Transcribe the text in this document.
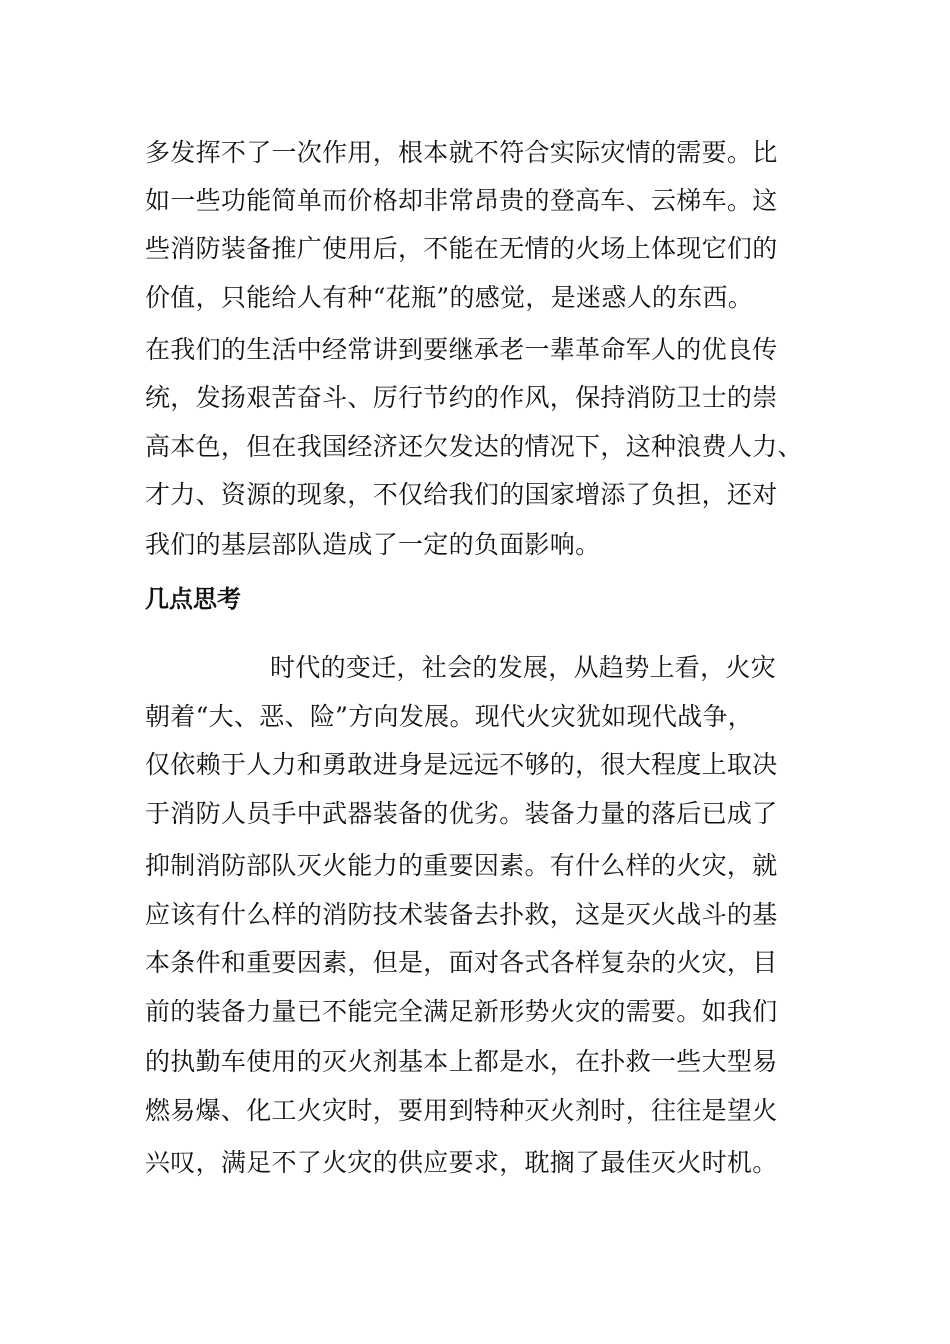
多发挥不了一次作用，根本就不符合实际灾情的需要。比
如一些功能简单而价格却非常昂贵的登高车、云梯车。这
些消防装备推广使用后，不能在无情的火场上体现它们的
价值，只能给人有种“花瓶”的感觉，是迷惑人的东西。
在我们的生活中经常讲到要继承老一辈革命军人的优良传
统，发扬艰苦奋斗、厉行节约的作风，保持消防卫士的崇
高本色，但在我国经济还欠发达的情况下，这种浪费人力、
才力、资源的现象，不仅给我们的国家增添了负担，还对
我们的基层部队造成了一定的负面影响。
几点思考
时代的变迁，社会的发展，从趋势上看，火灾
朝着“大、恶、险”方向发展。现代火灾犹如现代战争，
仅依赖于人力和勇敢进身是远远不够的，很大程度上取决
于消防人员手中武器装备的优劣。装备力量的落后已成了
抑制消防部队灭火能力的重要因素。有什么样的火灾，就
应该有什么样的消防技术装备去扑救，这是灭火战斗的基
本条件和重要因素，但是，面对各式各样复杂的火灾，目
前的装备力量已不能完全满足新形势火灾的需要。如我们
的执勤车使用的灭火剂基本上都是水，在扑救一些大型易
燃易爆、化工火灾时，要用到特种灭火剂时，往往是望火
兴叹，满足不了火灾的供应要求，耽搁了最佳灭火时机。
